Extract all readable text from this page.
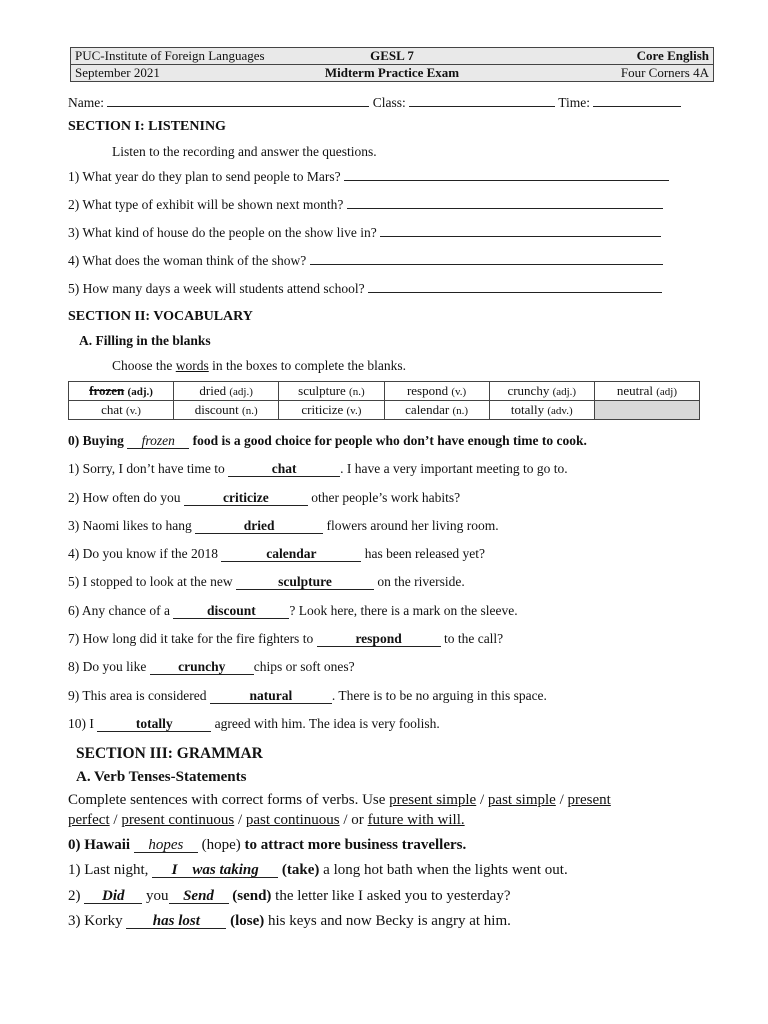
PUC-Institute of Foreign Languages	GESL 7	Core English
September 2021	Midterm Practice Exam	Four Corners 4A
Name:	Class:	Time:
SECTION I: LISTENING
Listen to the recording and answer the questions.
1) What year do they plan to send people to Mars?
2) What type of exhibit will be shown next month?
3) What kind of house do the people on the show live in?
4) What does the woman think of the show?
5) How many days a week will students attend school?
SECTION II: VOCABULARY
A. Filling in the blanks
Choose the words in the boxes to complete the blanks.
frozen (adj.)	dried (adj.)	sculpture (n.)	respond (v.)	crunchy (adj.)	neutral (adj)
chat (v.)	discount (n.)	criticize (v.)	calendar (n.)	totally (adv.)	
0) Buying frozen food is a good choice for people who don’t have enough time to cook.
1) Sorry, I don’t have time to	chat	. I have a very important meeting to go to.
2) How often do you	criticize	other people’s work habits?
3) Naomi likes to hang	dried	flowers around her living room.
4) Do you know if the 2018	calendar	has been released yet?
5) I stopped to look at the new	sculpture	on the riverside.
6) Any chance of a discount ? Look here, there is a mark on the sleeve.
7) How long did it take for the fire fighters to	respond	to the call?
8) Do you like crunchy chips or soft ones?
9) This area is considered	natural	. There is to be no arguing in this space.
10) I	totally	agreed with him. The idea is very foolish.
SECTION III: GRAMMAR
A. Verb Tenses-Statements
Complete sentences with correct forms of verbs. Use present simple / past simple / present
perfect / present continuous / past continuous / or future with will.
0) Hawaii hopes (hope) to attract more business travellers.
1) Last night, I    was taking (take) a long hot bath when the lights went out.
2) Did you Send (send) the letter like I asked you to yesterday?
3) Korky has lost (lose) his keys and now Becky is angry at him.
